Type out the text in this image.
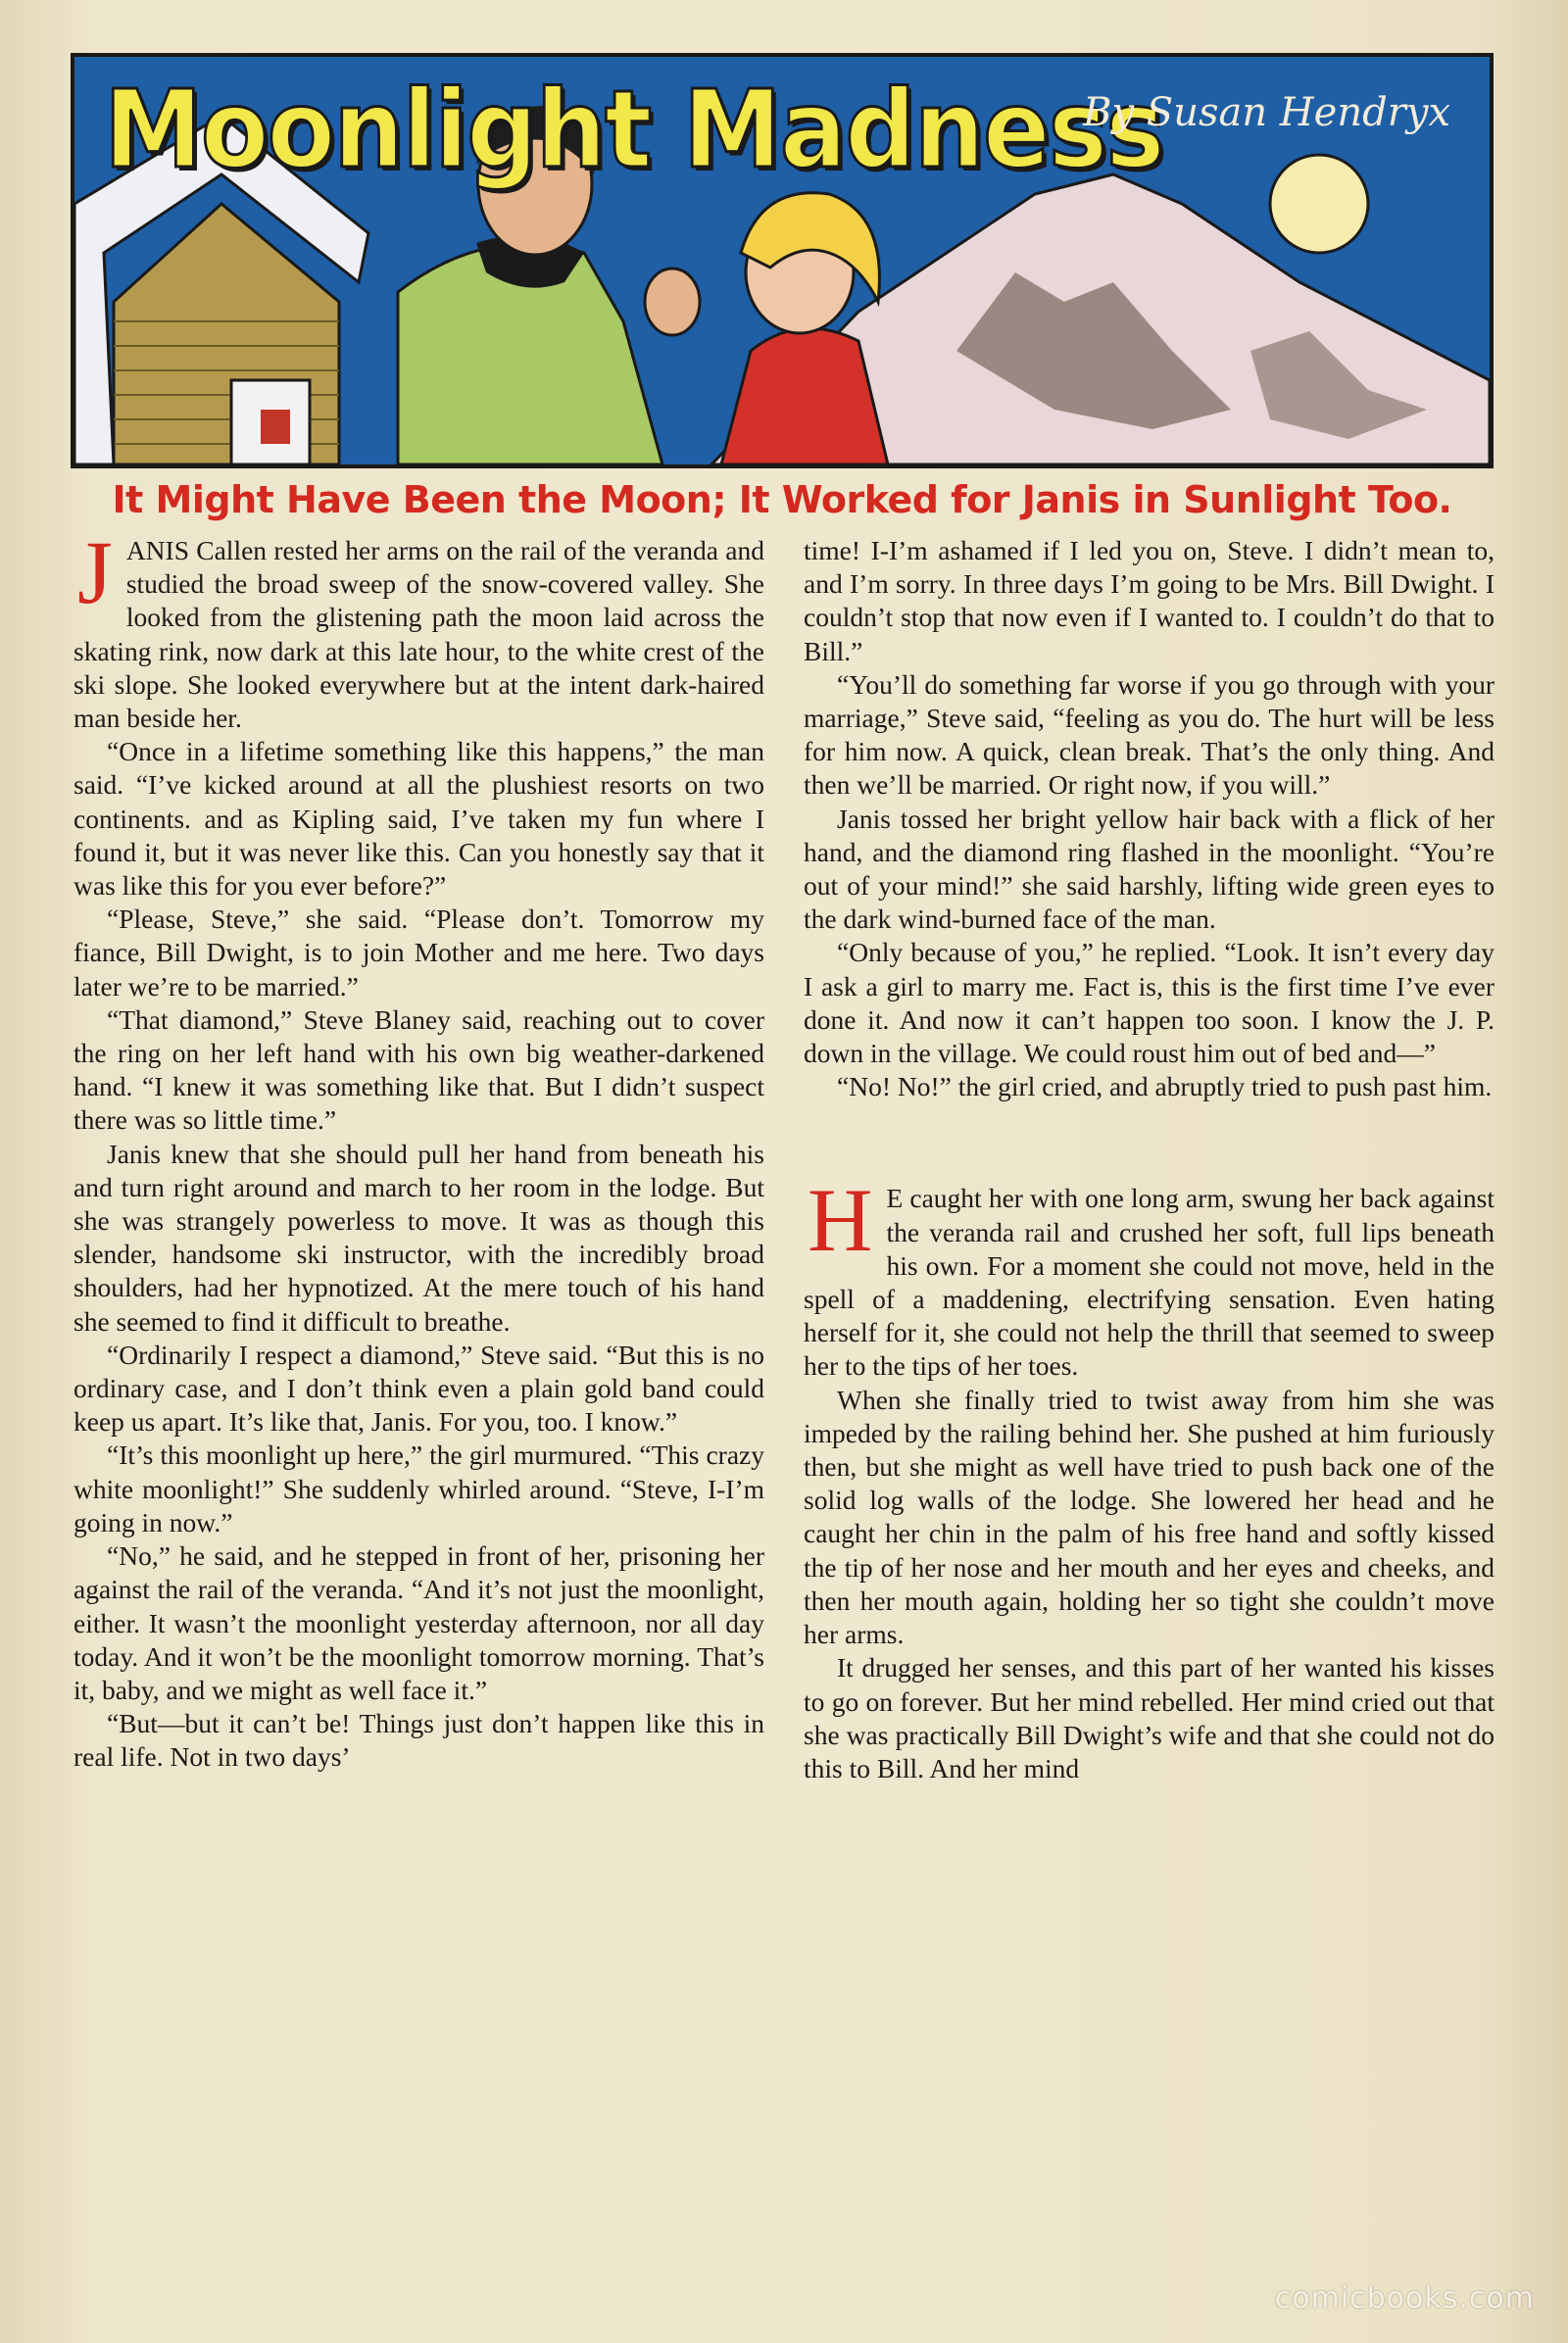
Moonlight Madness
By Susan Hendryx
It Might Have Been the Moon; It Worked for Janis in Sunlight Too.

JANIS Callen rested her arms on the rail of the veranda and studied the broad sweep of the snow-covered valley. She looked from the glistening path the moon laid across the skating rink, now dark at this late hour, to the white crest of the ski slope. She looked everywhere but at the intent dark-haired man beside her.

“Once in a lifetime something like this happens,” the man said. “I’ve kicked around at all the plushiest resorts on two continents. and as Kipling said, I’ve taken my fun where I found it, but it was never like this. Can you honestly say that it was like this for you ever before?”

“Please, Steve,” she said. “Please don’t. Tomorrow my fiance, Bill Dwight, is to join Mother and me here. Two days later we’re to be married.”

“That diamond,” Steve Blaney said, reaching out to cover the ring on her left hand with his own big weather-darkened hand. “I knew it was something like that. But I didn’t suspect there was so little time.”

Janis knew that she should pull her hand from beneath his and turn right around and march to her room in the lodge. But she was strangely powerless to move. It was as though this slender, handsome ski instructor, with the incredibly broad shoulders, had her hypnotized. At the mere touch of his hand she seemed to find it difficult to breathe.

“Ordinarily I respect a diamond,” Steve said. “But this is no ordinary case, and I don’t think even a plain gold band could keep us apart. It’s like that, Janis. For you, too. I know.”

“It’s this moonlight up here,” the girl murmured. “This crazy white moonlight!” She suddenly whirled around. “Steve, I-I’m going in now.”

“No,” he said, and he stepped in front of her, prisoning her against the rail of the veranda. “And it’s not just the moonlight, either. It wasn’t the moonlight yesterday afternoon, nor all day today. And it won’t be the moonlight tomorrow morning. That’s it, baby, and we might as well face it.”

“But—but it can’t be! Things just don’t happen like this in real life. Not in two days’

time! I-I’m ashamed if I led you on, Steve. I didn’t mean to, and I’m sorry. In three days I’m going to be Mrs. Bill Dwight. I couldn’t stop that now even if I wanted to. I couldn’t do that to Bill.”

“You’ll do something far worse if you go through with your marriage,” Steve said, “feeling as you do. The hurt will be less for him now. A quick, clean break. That’s the only thing. And then we’ll be married. Or right now, if you will.”

Janis tossed her bright yellow hair back with a flick of her hand, and the diamond ring flashed in the moonlight. “You’re out of your mind!” she said harshly, lifting wide green eyes to the dark wind-burned face of the man.

“Only because of you,” he replied. “Look. It isn’t every day I ask a girl to marry me. Fact is, this is the first time I’ve ever done it. And now it can’t happen too soon. I know the J. P. down in the village. We could roust him out of bed and—”

“No! No!” the girl cried, and abruptly tried to push past him.

H E caught her with one long arm, swung her back against the veranda rail and crushed her soft, full lips beneath his own. For a moment she could not move, held in the spell of a maddening, electrifying sensation. Even hating herself for it, she could not help the thrill that seemed to sweep her to the tips of her toes.

When she finally tried to twist away from him she was impeded by the railing behind her. She pushed at him furiously then, but she might as well have tried to push back one of the solid log walls of the lodge. She lowered her head and he caught her chin in the palm of his free hand and softly kissed the tip of her nose and her mouth and her eyes and cheeks, and then her mouth again, holding her so tight she couldn’t move her arms.

It drugged her senses, and this part of her wanted his kisses to go on forever. But her mind rebelled. Her mind cried out that she was practically Bill Dwight’s wife and that she could not do this to Bill. And her mind

comicbooks.com
